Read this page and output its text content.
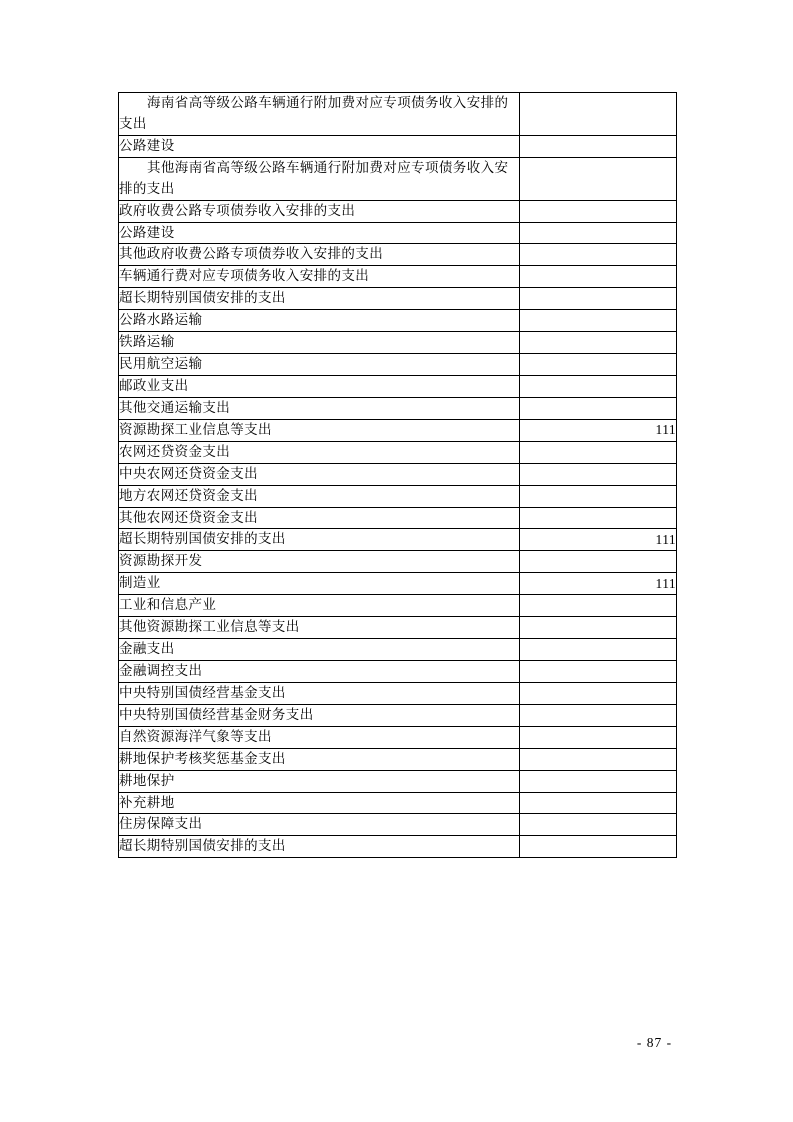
海南省高等级公路车辆通行附加费对应专项债务收入安排的支出	
公路建设	
其他海南省高等级公路车辆通行附加费对应专项债务收入安排的支出	
政府收费公路专项债券收入安排的支出	
公路建设	
其他政府收费公路专项债券收入安排的支出	
车辆通行费对应专项债务收入安排的支出	
超长期特别国债安排的支出	
公路水路运输	
铁路运输	
民用航空运输	
邮政业支出	
其他交通运输支出	
资源勘探工业信息等支出	111
农网还贷资金支出	
中央农网还贷资金支出	
地方农网还贷资金支出	
其他农网还贷资金支出	
超长期特别国债安排的支出	111
资源勘探开发	
制造业	111
工业和信息产业	
其他资源勘探工业信息等支出	
金融支出	
金融调控支出	
中央特别国债经营基金支出	
中央特别国债经营基金财务支出	
自然资源海洋气象等支出	
耕地保护考核奖惩基金支出	
耕地保护	
补充耕地	
住房保障支出	
超长期特别国债安排的支出	
- 87 -
